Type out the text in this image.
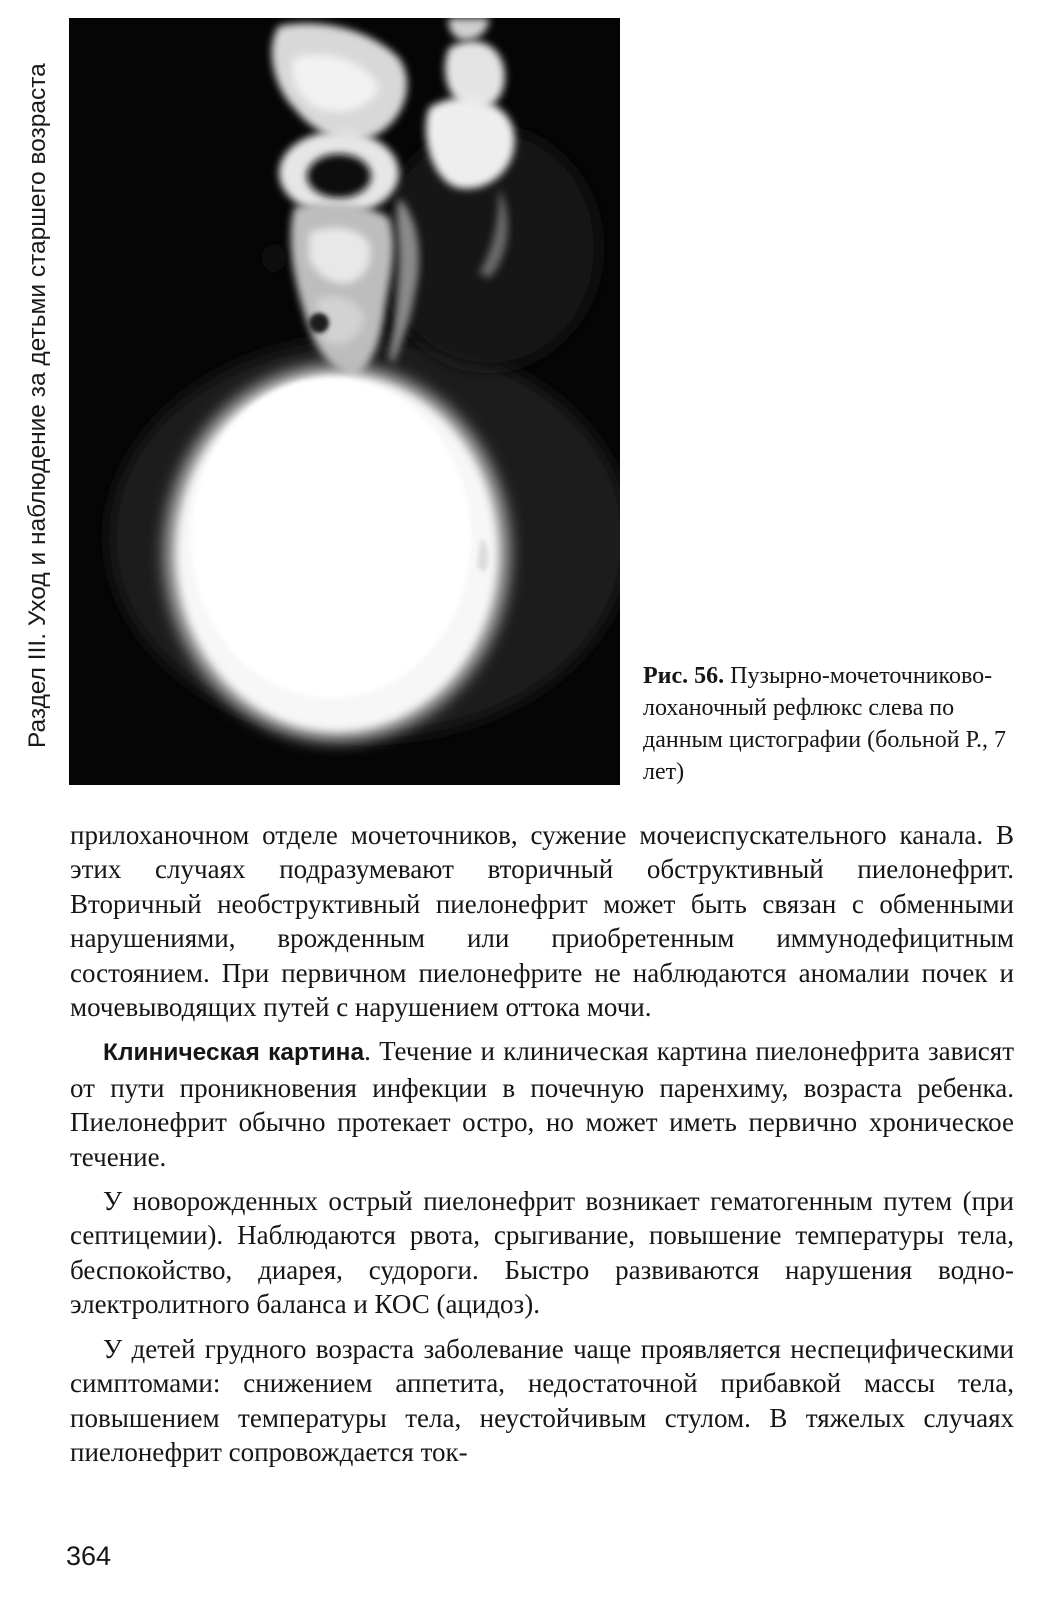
Раздел III. Уход и наблюдение за детьми старшего возраста	Рис. 56. Пузырно-мочеточниково-лоханочный рефлюкс слева по данным цистографии (больной Р., 7 лет)

прилоханочном отделе мочеточников, сужение мочеиспускательного канала. В этих случаях подразумевают вторичный обструктивный пиелонефрит. Вторичный необструктивный пиелонефрит может быть связан с обменными нарушениями, врожденным или приобретенным иммунодефицитным состоянием. При первичном пиелонефрите не наблюдаются аномалии почек и мочевыводящих путей с нарушением оттока мочи.

Клиническая картина. Течение и клиническая картина пиелонефрита зависят от пути проникновения инфекции в почечную паренхиму, возраста ребенка. Пиелонефрит обычно протекает остро, но может иметь первично хроническое течение.

У новорожденных острый пиелонефрит возникает гематогенным путем (при септицемии). Наблюдаются рвота, срыгивание, повышение температуры тела, беспокойство, диарея, судороги. Быстро развиваются нарушения водно-электролитного баланса и КОС (ацидоз).

У детей грудного возраста заболевание чаще проявляется неспецифическими симптомами: снижением аппетита, недостаточной прибавкой массы тела, повышением температуры тела, неустойчивым стулом. В тяжелых случаях пиелонефрит сопровождается ток-

364
